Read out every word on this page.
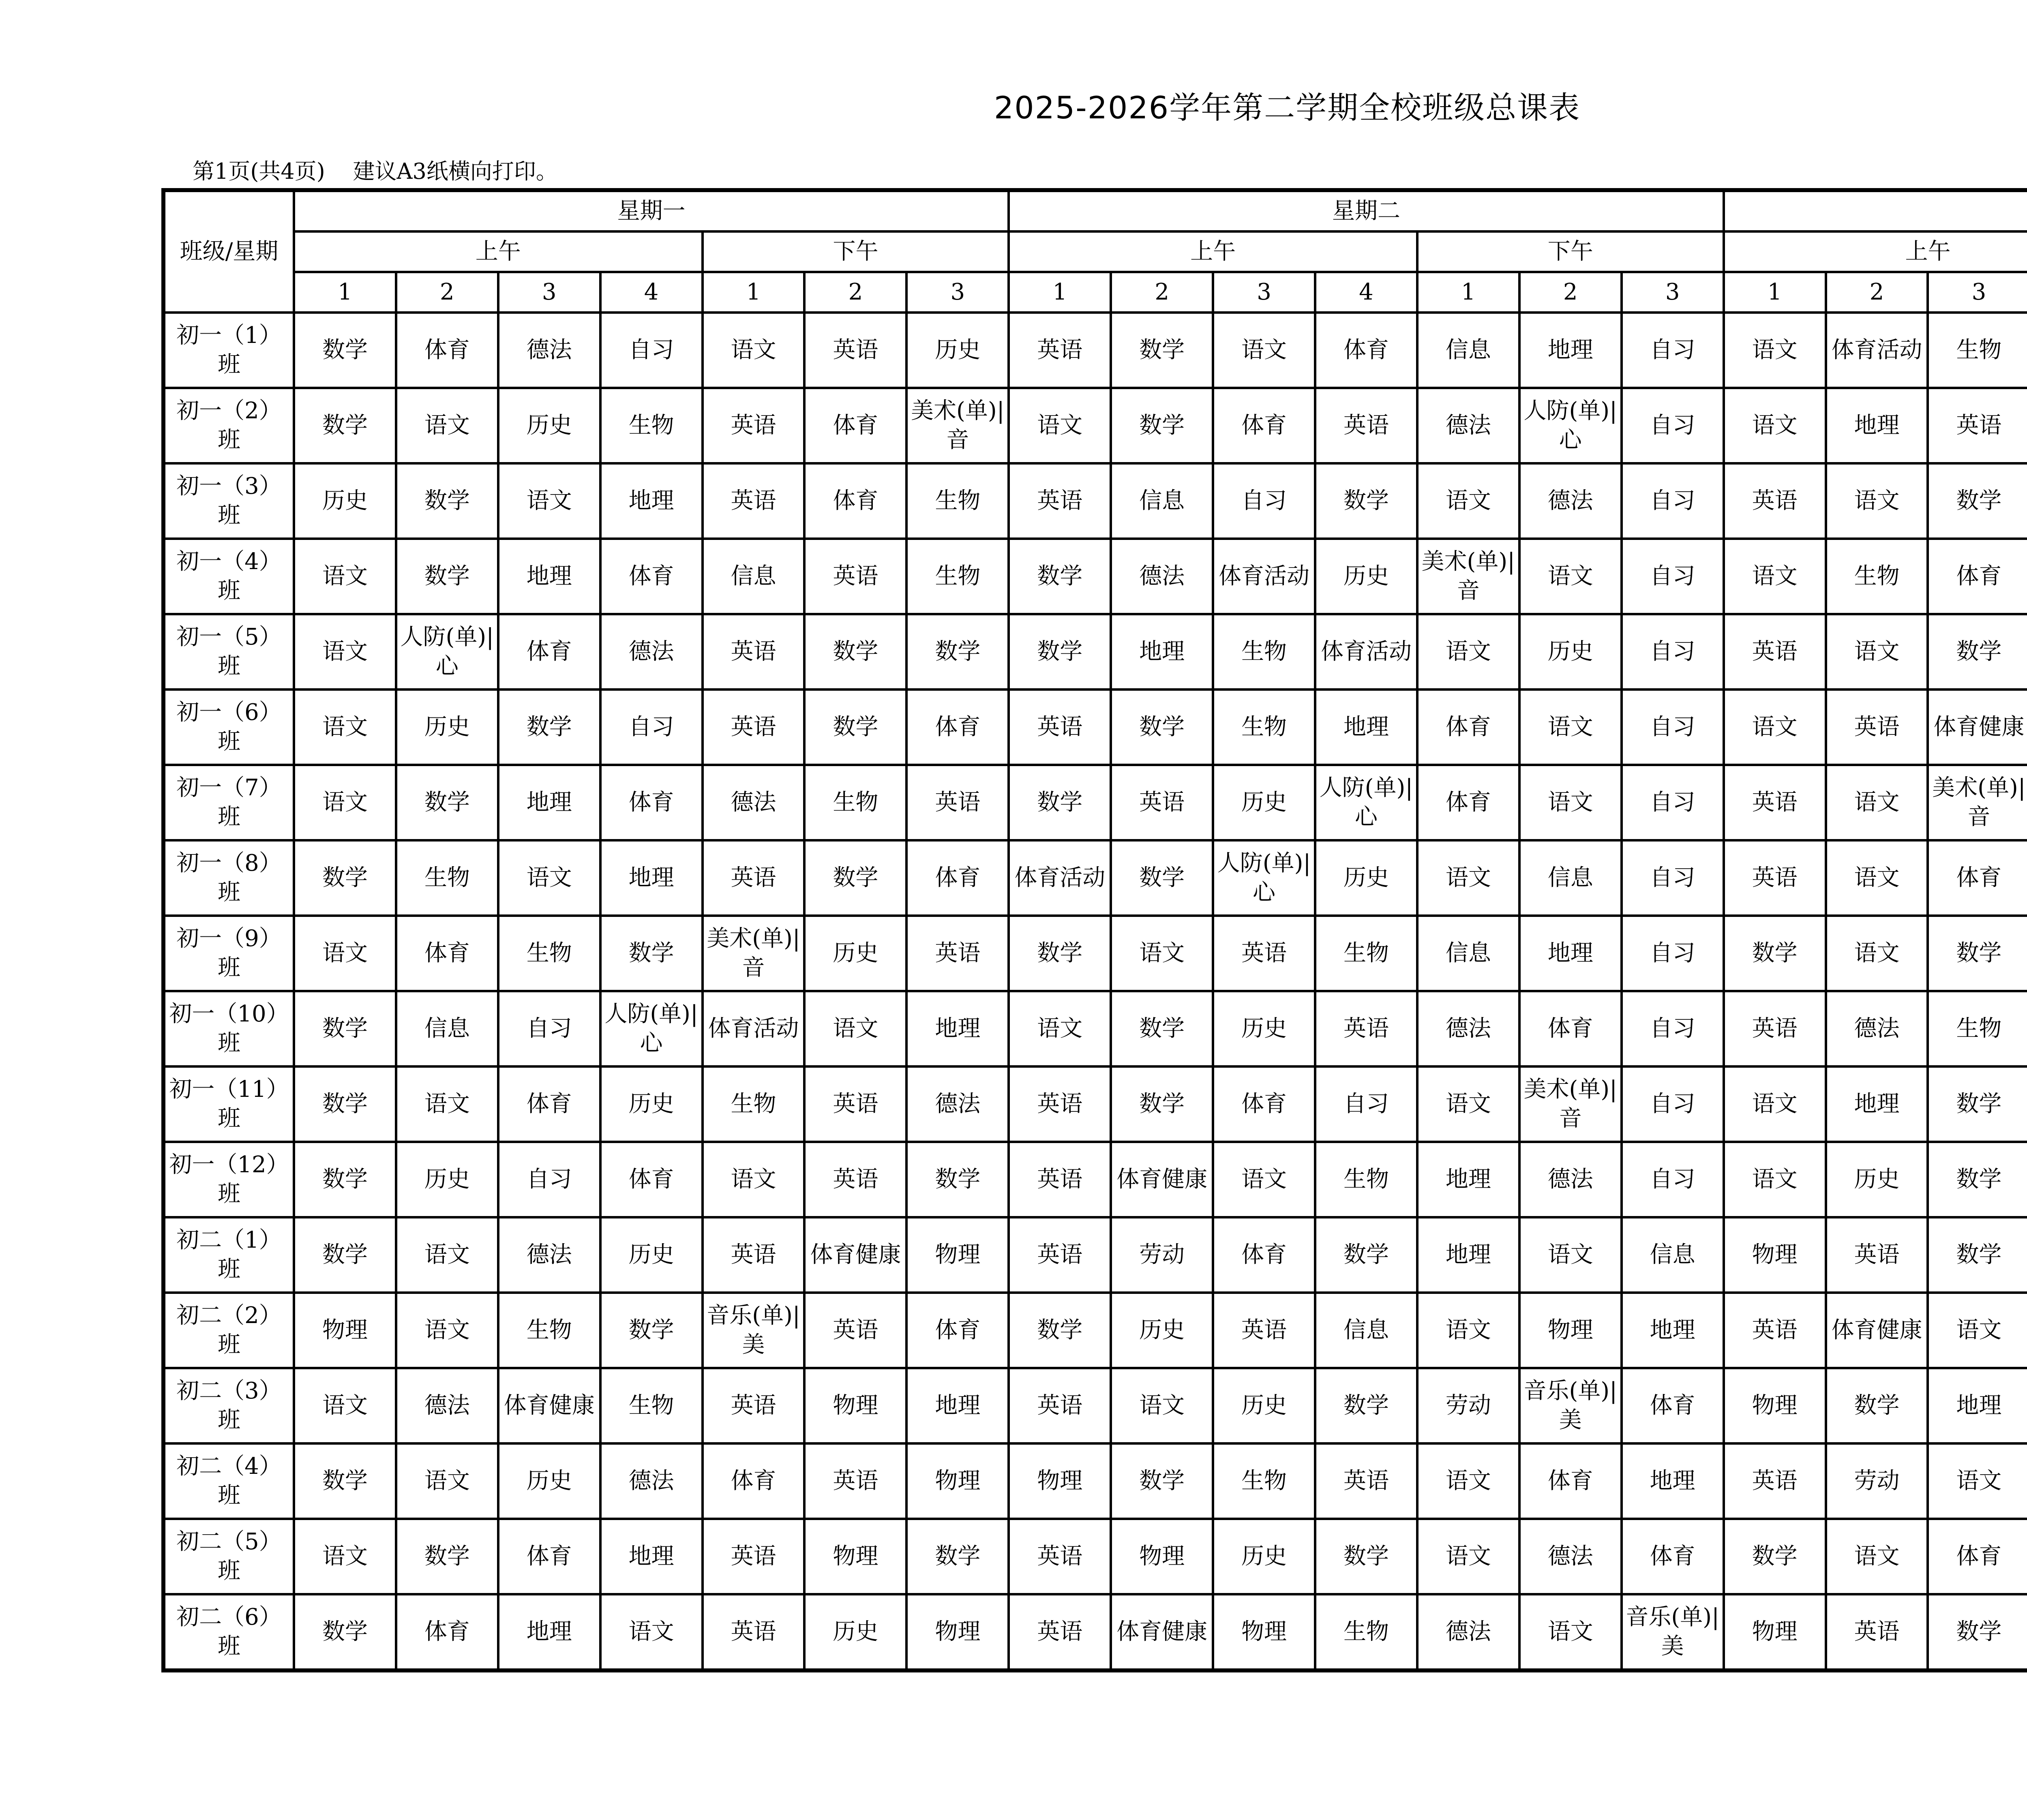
2025-2026学年第二学期全校班级总课表
第1页(共4页)    建议A3纸横向打印。
班级/星期	星期一							星期二	
	上午				下午			上午				下午			上午	
	1	2	3	4	1	2	3	1	2	3	4	1	2	3	1	2	3				
初一（1）班	数学	体育	德法	自习	语文	英语	历史	英语	数学	语文	体育	信息	地理	自习	语文	体育活动	生物

初一（2）班	数学	语文	历史	生物	英语	体育	美术(单)|音	语文	数学	体育	英语	德法	人防(单)|心	自习	语文	地理	英语

初一（3）班	历史	数学	语文	地理	英语	体育	生物	英语	信息	自习	数学	语文	德法	自习	英语	语文	数学

初一（4）班	语文	数学	地理	体育	信息	英语	生物	数学	德法	体育活动	历史	美术(单)|音	语文	自习	语文	生物	体育

初一（5）班	语文	人防(单)|心	体育	德法	英语	数学	数学	数学	地理	生物	体育活动	语文	历史	自习	英语	语文	数学

初一（6）班	语文	历史	数学	自习	英语	数学	体育	英语	数学	生物	地理	体育	语文	自习	语文	英语	体育健康

初一（7）班	语文	数学	地理	体育	德法	生物	英语	数学	英语	历史	人防(单)|心	体育	语文	自习	英语	语文	美术(单)|音

初一（8）班	数学	生物	语文	地理	英语	数学	体育	体育活动	数学	人防(单)|心	历史	语文	信息	自习	英语	语文	体育

初一（9）班	语文	体育	生物	数学	美术(单)|音	历史	英语	数学	语文	英语	生物	信息	地理	自习	数学	语文	数学

初一（10）班	数学	信息	自习	人防(单)|心	体育活动	语文	地理	语文	数学	历史	英语	德法	体育	自习	英语	德法	生物

初一（11）班	数学	语文	体育	历史	生物	英语	德法	英语	数学	体育	自习	语文	美术(单)|音	自习	语文	地理	数学

初一（12）班	数学	历史	自习	体育	语文	英语	数学	英语	体育健康	语文	生物	地理	德法	自习	语文	历史	数学

初二（1）班	数学	语文	德法	历史	英语	体育健康	物理	英语	劳动	体育	数学	地理	语文	信息	物理	英语	数学

初二（2）班	物理	语文	生物	数学	音乐(单)|美	英语	体育	数学	历史	英语	信息	语文	物理	地理	英语	体育健康	语文

初二（3）班	语文	德法	体育健康	生物	英语	物理	地理	英语	语文	历史	数学	劳动	音乐(单)|美	体育	物理	数学	地理

初二（4）班	数学	语文	历史	德法	体育	英语	物理	物理	数学	生物	英语	语文	体育	地理	英语	劳动	语文

初二（5）班	语文	数学	体育	地理	英语	物理	数学	英语	物理	历史	数学	语文	德法	体育	数学	语文	体育

初二（6）班	数学	体育	地理	语文	英语	历史	物理	英语	体育健康	物理	生物	德法	语文	音乐(单)|美	物理	英语	数学
